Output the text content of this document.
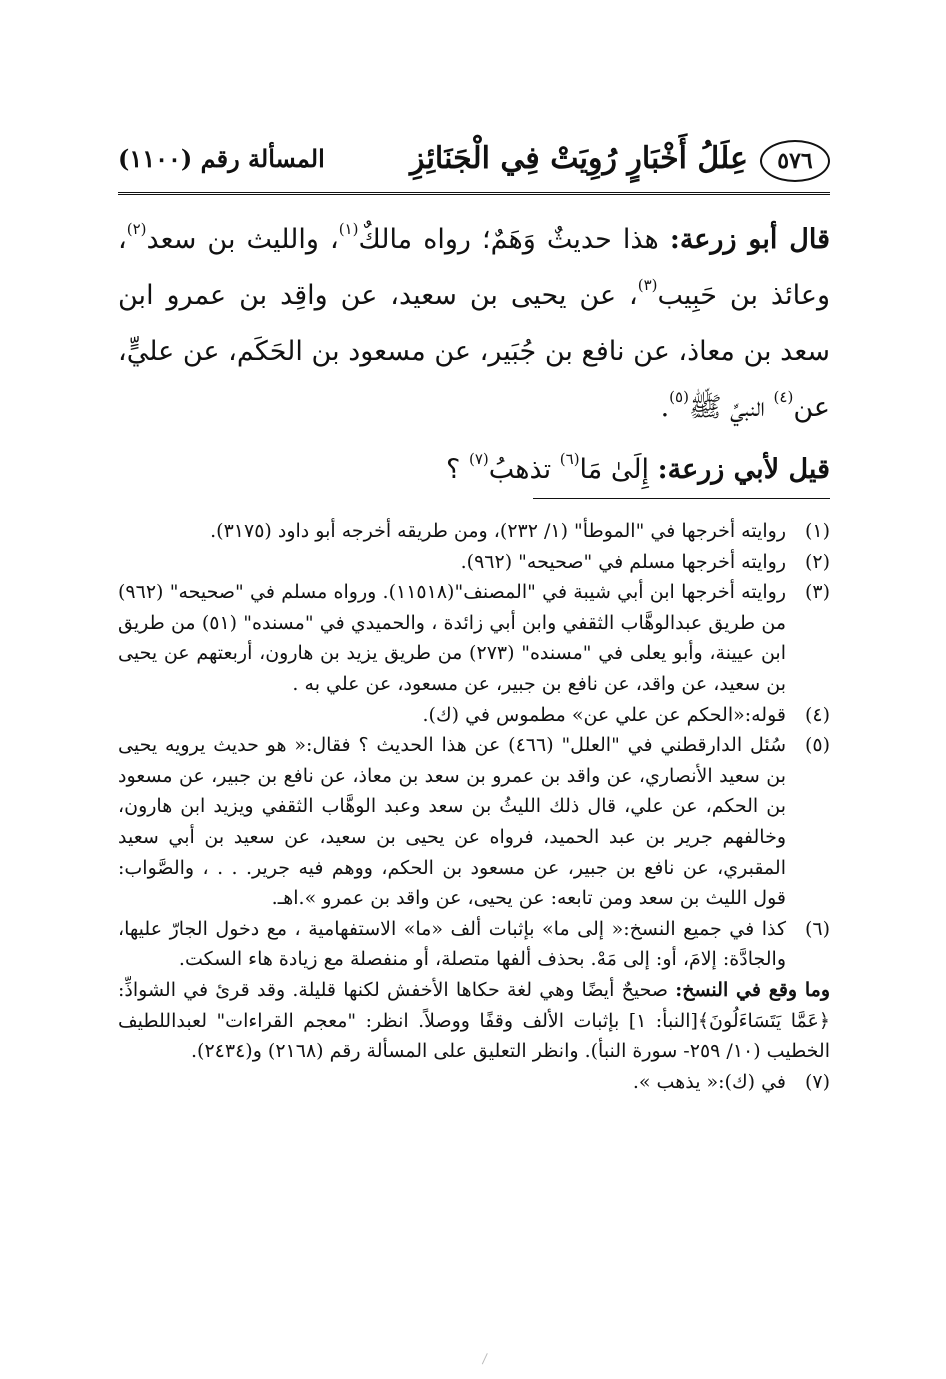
٥٧٦
عِلَلُ أَخْبَارٍ رُوِيَتْ فِي الْجَنَائِزِ
المسألة رقم (١١٠٠)

قال أبو زرعة: هذا حديثٌ وَهَمٌ؛ رواه مالكٌ$^{(١)}$، والليث بن سعد$^{(٢)}$، وعائذ بن حَبِيب$^{(٣)}$، عن يحيى بن سعيد، عن واقِد بن عمرو ابن سعد بن معاذ، عن نافع بن جُبَير، عن مسعود بن الحَكَم، عن عليٍّ، عن$^{(٤)}$ النبيِّ ﷺ$^{(٥)}$.

قيل لأبي زرعة: إِلَىٰ مَا$^{(٦)}$ تذهبُ$^{(٧)}$ ؟

(١)
روايته أخرجها في "الموطأ" (١/ ٢٣٢)، ومن طريقه أخرجه أبو داود (٣١٧٥).
(٢)
روايته أخرجها مسلم في "صحيحه" (٩٦٢).
(٣)
روايته أخرجها ابن أبي شيبة في "المصنف"(١١٥١٨). ورواه مسلم في "صحيحه" (٩٦٢) من طريق عبدالوهَّاب الثقفي وابن أبي زائدة ، والحميدي في "مسنده" (٥١) من طريق ابن عيينة، وأبو يعلى في "مسنده" (٢٧٣) من طريق يزيد بن هارون، أربعتهم عن يحيى بن سعيد، عن واقد، عن نافع بن جبير، عن مسعود، عن علي به .
(٤)
قوله:«الحكم عن علي عن» مطموس في (ك).
(٥)
سُئل الدارقطني في "العلل" (٤٦٦) عن هذا الحديث ؟ فقال:« هو حديث يرويه يحيى بن سعيد الأنصاري، عن واقد بن عمرو بن سعد بن معاذ، عن نافع بن جبير، عن مسعود بن الحكم، عن علي، قال ذلك الليثُ بن سعد وعبد الوهَّاب الثقفي ويزيد ابن هارون، وخالفهم جرير بن عبد الحميد، فرواه عن يحيى بن سعيد، عن سعيد بن أبي سعيد المقبري، عن نافع بن جبير، عن مسعود بن الحكم، ووهم فيه جرير. . . ، والصَّواب: قول الليث بن سعد ومن تابعه: عن يحيى، عن واقد بن عمرو ».اهـ.
(٦)
كذا في جميع النسخ:« إلى ما» بإثبات ألف «ما» الاستفهامية ، مع دخول الجارّ عليها، والجادَّة: إلامَ، أو: إلى مَهْ. بحذف ألفها متصلة، أو منفصلة مع زيادة هاء السكت.
وما وقع في النسخ: صحيحٌ أيضًا وهي لغة حكاها الأخفش لكنها قليلة. وقد قرئ في الشواذِّ: ﴿عَمَّا يَتَسَاءَلُونَ﴾[النبأ: ١] بإثبات الألف وقفًا ووصلاً. انظر: "معجم القراءات" لعبداللطيف الخطيب (١٠/ ٢٥٩- سورة النبأ). وانظر التعليق على المسألة رقم (٢١٦٨) و(٢٤٣٤).
(٧)
في (ك):« يذهب ».
